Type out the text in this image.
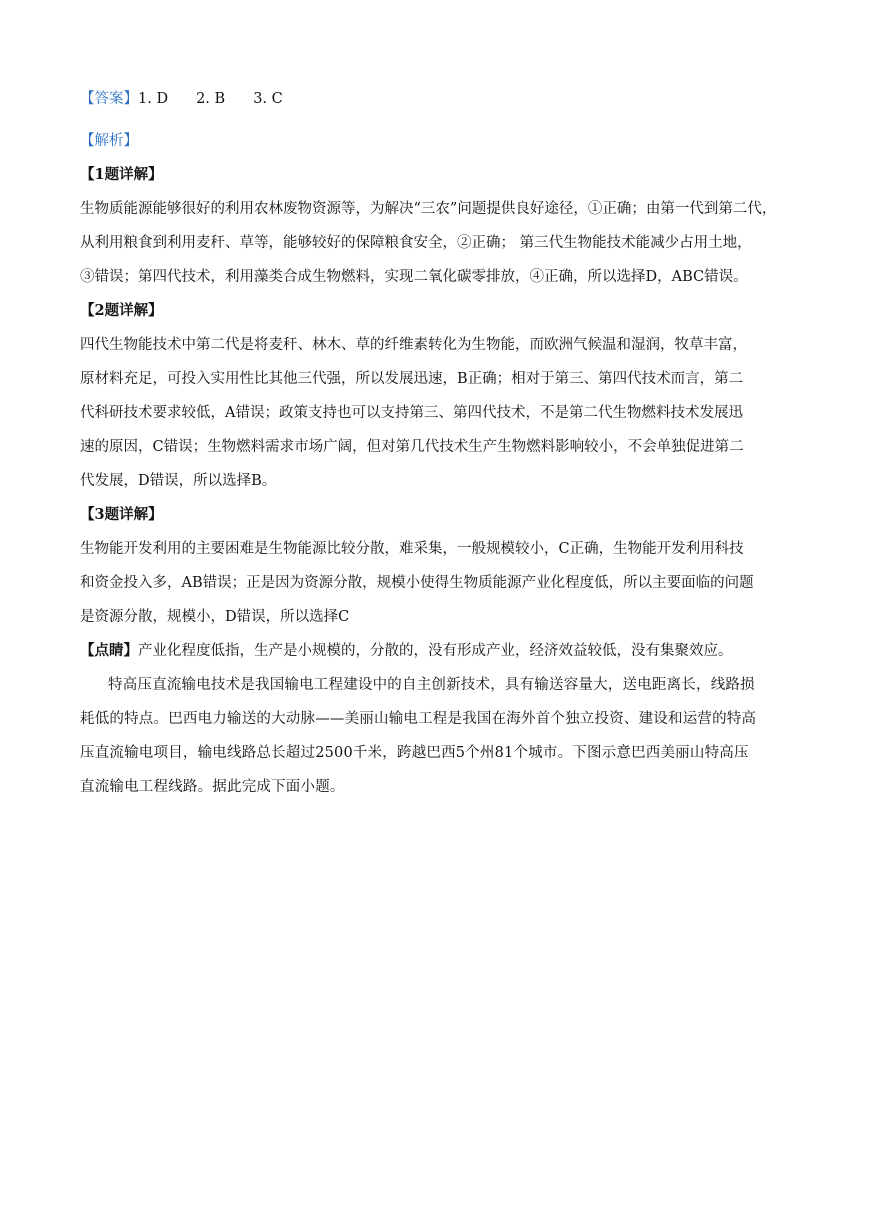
【答案】1. D 2. B 3. C
【解析】
【1题详解】
生物质能源能够很好的利用农林废物资源等，为解决“三农”问题提供良好途径，①正确；由第一代到第二代，
从利用粮食到利用麦秆、草等，能够较好的保障粮食安全，②正确； 第三代生物能技术能减少占用土地，
③错误；第四代技术，利用藻类合成生物燃料，实现二氧化碳零排放，④正确，所以选择D，ABC错误。
【2题详解】
四代生物能技术中第二代是将麦秆、林木、草的纤维素转化为生物能，而欧洲气候温和湿润，牧草丰富，
原材料充足，可投入实用性比其他三代强，所以发展迅速，B正确；相对于第三、第四代技术而言，第二
代科研技术要求较低，A错误；政策支持也可以支持第三、第四代技术，不是第二代生物燃料技术发展迅
速的原因，C错误；生物燃料需求市场广阔，但对第几代技术生产生物燃料影响较小，不会单独促进第二
代发展，D错误，所以选择B。
【3题详解】
生物能开发利用的主要困难是生物能源比较分散，难采集，一般规模较小，C正确，生物能开发利用科技
和资金投入多，AB错误；正是因为资源分散，规模小使得生物质能源产业化程度低，所以主要面临的问题
是资源分散，规模小，D错误，所以选择C
【点睛】产业化程度低指，生产是小规模的，分散的，没有形成产业，经济效益较低，没有集聚效应。
特高压直流输电技术是我国输电工程建设中的自主创新技术，具有输送容量大，送电距离长，线路损
耗低的特点。巴西电力输送的大动脉——美丽山输电工程是我国在海外首个独立投资、建设和运营的特高
压直流输电项目，输电线路总长超过2500千米，跨越巴西5个州81个城市。下图示意巴西美丽山特高压
直流输电工程线路。据此完成下面小题。
